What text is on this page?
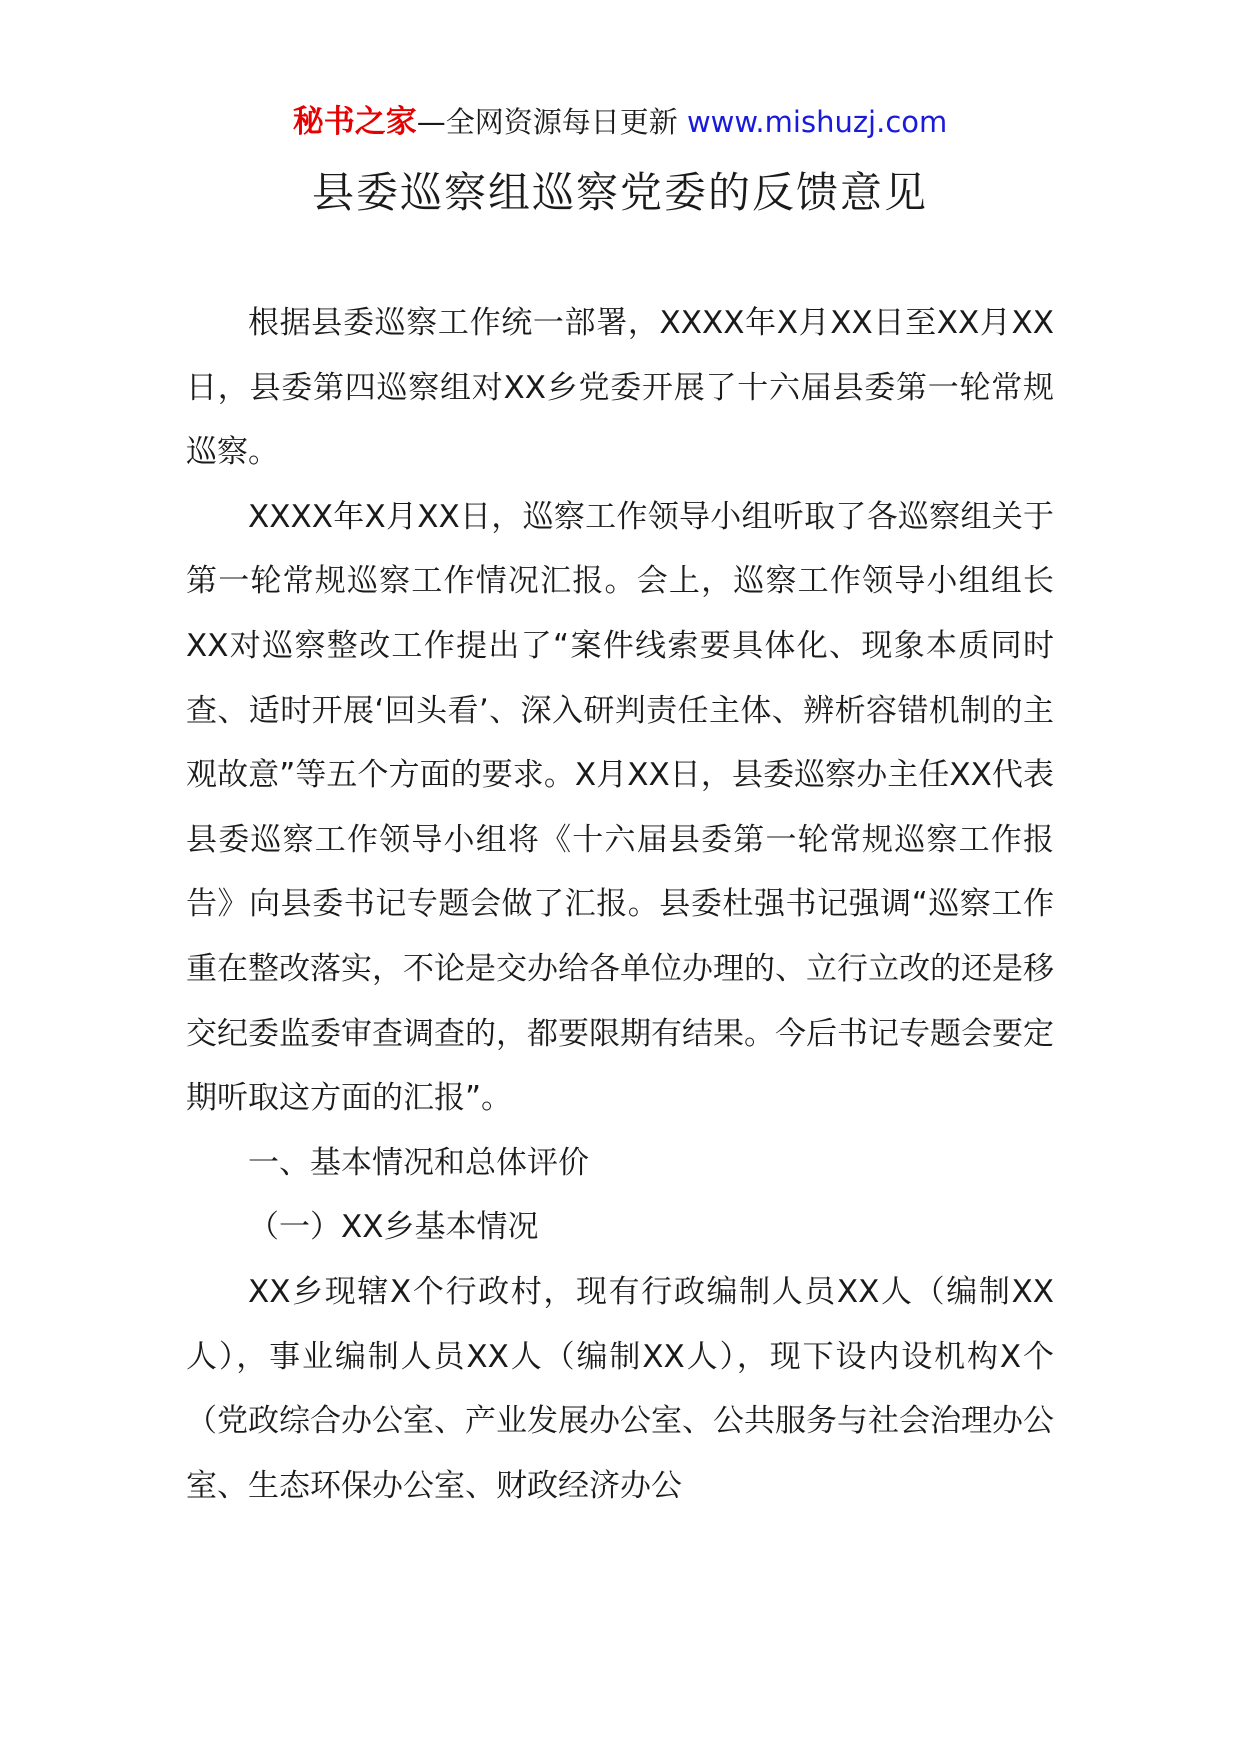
秘书之家—全网资源每日更新 www.mishuzj.com
县委巡察组巡察党委的反馈意见

根据县委巡察工作统一部署，XXXX年X月XX日至XX月XX日，县委第四巡察组对XX乡党委开展了十六届县委第一轮常规巡察。

XXXX年X月XX日，巡察工作领导小组听取了各巡察组关于第一轮常规巡察工作情况汇报。会上，巡察工作领导小组组长XX对巡察整改工作提出了“案件线索要具体化、现象本质同时查、适时开展‘回头看’、深入研判责任主体、辨析容错机制的主观故意”等五个方面的要求。X月XX日，县委巡察办主任XX代表县委巡察工作领导小组将《十六届县委第一轮常规巡察工作报告》向县委书记专题会做了汇报。县委杜强书记强调“巡察工作重在整改落实，不论是交办给各单位办理的、立行立改的还是移交纪委监委审查调查的，都要限期有结果。今后书记专题会要定期听取这方面的汇报”。

一、基本情况和总体评价

（一）XX乡基本情况

XX乡现辖X个行政村，现有行政编制人员XX人（编制XX人），事业编制人员XX人（编制XX人），现下设内设机构X个（党政综合办公室、产业发展办公室、公共服务与社会治理办公室、生态环保办公室、财政经济办公
